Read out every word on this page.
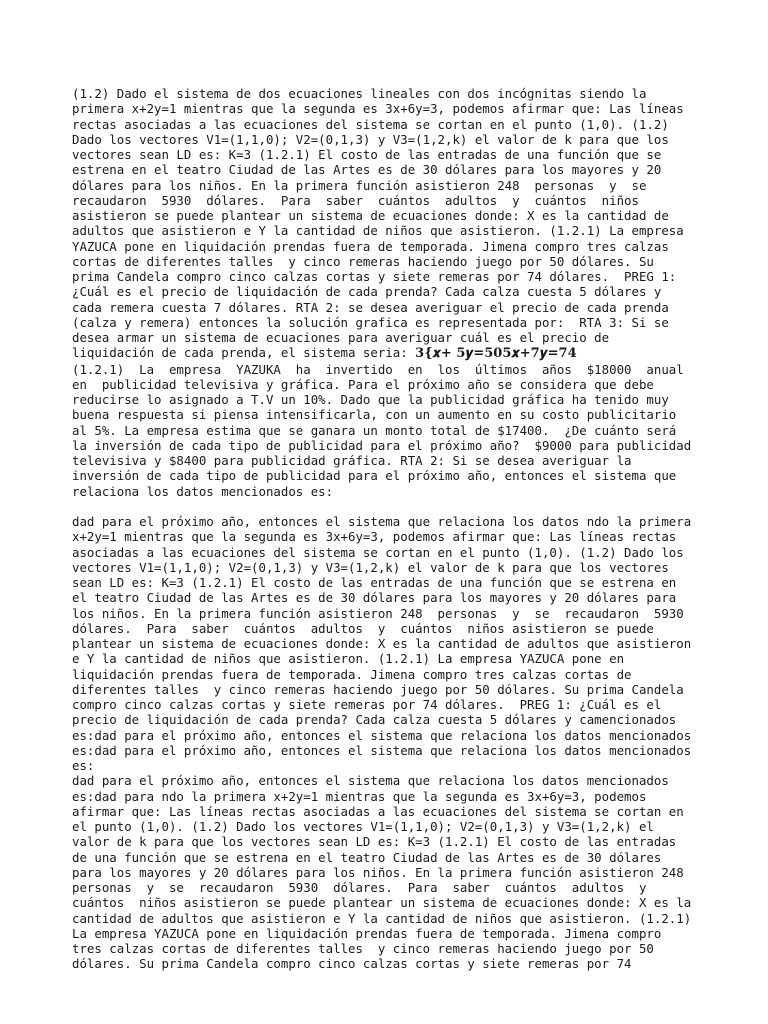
(1.2) Dado el sistema de dos ecuaciones lineales con dos incógnitas siendo la
primera x+2y=1 mientras que la segunda es 3x+6y=3, podemos afirmar que: Las líneas
rectas asociadas a las ecuaciones del sistema se cortan en el punto (1,0). (1.2)
Dado los vectores V1=(1,1,0); V2=(0,1,3) y V3=(1,2,k) el valor de k para que los
vectores sean LD es: K=3 (1.2.1) El costo de las entradas de una función que se
estrena en el teatro Ciudad de las Artes es de 30 dólares para los mayores y 20
dólares para los niños. En la primera función asistieron 248  personas  y  se
recaudaron  5930  dólares.  Para  saber  cuántos  adultos  y  cuántos  niños
asistieron se puede plantear un sistema de ecuaciones donde: X es la cantidad de
adultos que asistieron e Y la cantidad de niños que asistieron. (1.2.1) La empresa
YAZUCA pone en liquidación prendas fuera de temporada. Jimena compro tres calzas
cortas de diferentes talles  y cinco remeras haciendo juego por 50 dólares. Su
prima Candela compro cinco calzas cortas y siete remeras por 74 dólares.  PREG 1:
¿Cuál es el precio de liquidación de cada prenda? Cada calza cuesta 5 dólares y
cada remera cuesta 7 dólares. RTA 2: se desea averiguar el precio de cada prenda
(calza y remera) entonces la solución grafica es representada por:  RTA 3: Si se
desea armar un sistema de ecuaciones para averiguar cuál es el precio de
liquidación de cada prenda, el sistema seria: 3{𝒙+ 5𝒚=505𝒙+7𝒚=74
(1.2.1)  La  empresa  YAZUKA  ha  invertido  en  los  últimos  años  $18000  anual
en  publicidad televisiva y gráfica. Para el próximo año se considera que debe
reducirse lo asignado a T.V un 10%. Dado que la publicidad gráfica ha tenido muy
buena respuesta si piensa intensificarla, con un aumento en su costo publicitario
al 5%. La empresa estima que se ganara un monto total de $17400.  ¿De cuánto será
la inversión de cada tipo de publicidad para el próximo año?  $9000 para publicidad
televisiva y $8400 para publicidad gráfica. RTA 2: Si se desea averiguar la
inversión de cada tipo de publicidad para el próximo año, entonces el sistema que
relaciona los datos mencionados es:

dad para el próximo año, entonces el sistema que relaciona los datos ndo la primera
x+2y=1 mientras que la segunda es 3x+6y=3, podemos afirmar que: Las líneas rectas
asociadas a las ecuaciones del sistema se cortan en el punto (1,0). (1.2) Dado los
vectores V1=(1,1,0); V2=(0,1,3) y V3=(1,2,k) el valor de k para que los vectores
sean LD es: K=3 (1.2.1) El costo de las entradas de una función que se estrena en
el teatro Ciudad de las Artes es de 30 dólares para los mayores y 20 dólares para
los niños. En la primera función asistieron 248  personas  y  se  recaudaron  5930
dólares.  Para  saber  cuántos  adultos  y  cuántos  niños asistieron se puede
plantear un sistema de ecuaciones donde: X es la cantidad de adultos que asistieron
e Y la cantidad de niños que asistieron. (1.2.1) La empresa YAZUCA pone en
liquidación prendas fuera de temporada. Jimena compro tres calzas cortas de
diferentes talles  y cinco remeras haciendo juego por 50 dólares. Su prima Candela
compro cinco calzas cortas y siete remeras por 74 dólares.  PREG 1: ¿Cuál es el
precio de liquidación de cada prenda? Cada calza cuesta 5 dólares y camencionados
es:dad para el próximo año, entonces el sistema que relaciona los datos mencionados
es:dad para el próximo año, entonces el sistema que relaciona los datos mencionados
es:
dad para el próximo año, entonces el sistema que relaciona los datos mencionados
es:dad para ndo la primera x+2y=1 mientras que la segunda es 3x+6y=3, podemos
afirmar que: Las líneas rectas asociadas a las ecuaciones del sistema se cortan en
el punto (1,0). (1.2) Dado los vectores V1=(1,1,0); V2=(0,1,3) y V3=(1,2,k) el
valor de k para que los vectores sean LD es: K=3 (1.2.1) El costo de las entradas
de una función que se estrena en el teatro Ciudad de las Artes es de 30 dólares
para los mayores y 20 dólares para los niños. En la primera función asistieron 248
personas  y  se  recaudaron  5930  dólares.  Para  saber  cuántos  adultos  y
cuántos  niños asistieron se puede plantear un sistema de ecuaciones donde: X es la
cantidad de adultos que asistieron e Y la cantidad de niños que asistieron. (1.2.1)
La empresa YAZUCA pone en liquidación prendas fuera de temporada. Jimena compro
tres calzas cortas de diferentes talles  y cinco remeras haciendo juego por 50
dólares. Su prima Candela compro cinco calzas cortas y siete remeras por 74
